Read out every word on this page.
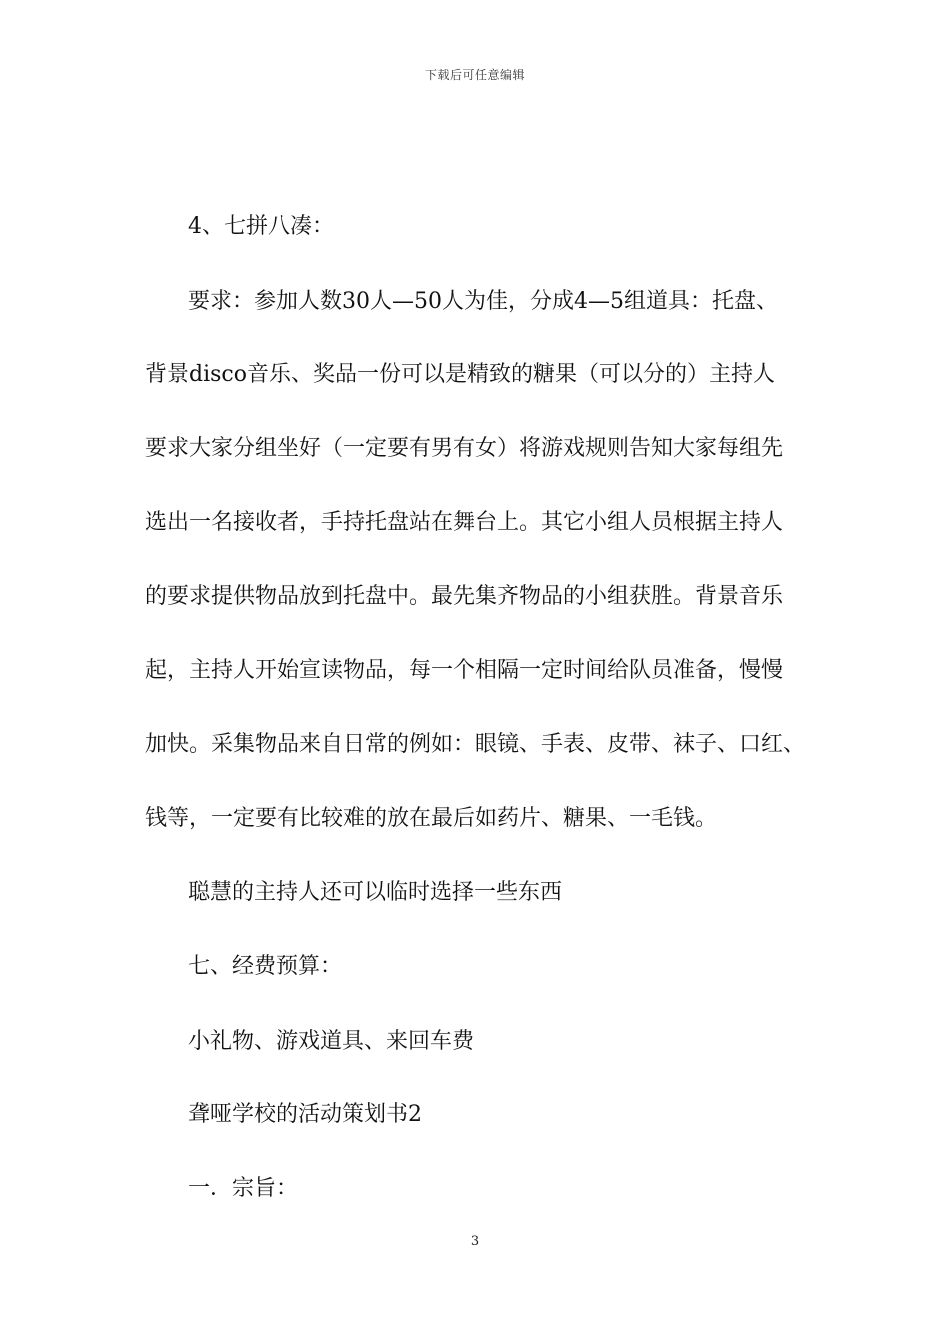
下载后可任意编辑
4、七拼八凑：
要求：参加人数30人—50人为佳，分成4—5组道具：托盘、
背景disco音乐、奖品一份可以是精致的糖果（可以分的）主持人
要求大家分组坐好（一定要有男有女）将游戏规则告知大家每组先
选出一名接收者，手持托盘站在舞台上。其它小组人员根据主持人
的要求提供物品放到托盘中。最先集齐物品的小组获胜。背景音乐
起，主持人开始宣读物品，每一个相隔一定时间给队员准备，慢慢
加快。采集物品来自日常的例如：眼镜、手表、皮带、袜子、口红、
钱等，一定要有比较难的放在最后如药片、糖果、一毛钱。
聪慧的主持人还可以临时选择一些东西
七、经费预算：
小礼物、游戏道具、来回车费
聋哑学校的活动策划书2
一．宗旨：
3
